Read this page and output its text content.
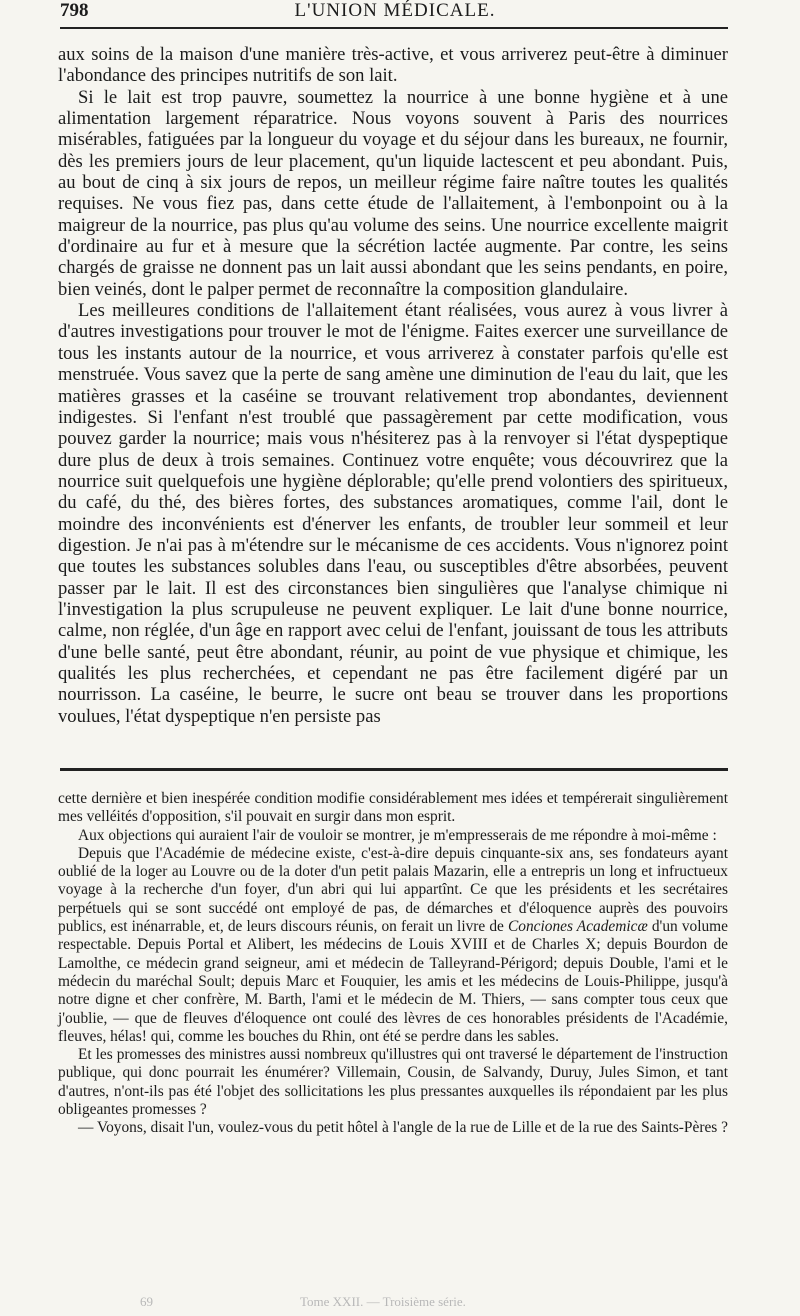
798	L'UNION MÉDICALE.

aux soins de la maison d'une manière très-active, et vous arriverez peut-être à diminuer l'abondance des principes nutritifs de son lait.

Si le lait est trop pauvre, soumettez la nourrice à une bonne hygiène et à une alimentation largement réparatrice. Nous voyons souvent à Paris des nourrices misérables, fatiguées par la longueur du voyage et du séjour dans les bureaux, ne fournir, dès les premiers jours de leur placement, qu'un liquide lactescent et peu abondant. Puis, au bout de cinq à six jours de repos, un meilleur régime faire naître toutes les qualités requises. Ne vous fiez pas, dans cette étude de l'allaitement, à l'embonpoint ou à la maigreur de la nourrice, pas plus qu'au volume des seins. Une nourrice excellente maigrit d'ordinaire au fur et à mesure que la sécrétion lactée augmente. Par contre, les seins chargés de graisse ne donnent pas un lait aussi abondant que les seins pendants, en poire, bien veinés, dont le palper permet de reconnaître la composition glandulaire.

Les meilleures conditions de l'allaitement étant réalisées, vous aurez à vous livrer à d'autres investigations pour trouver le mot de l'énigme. Faites exercer une surveillance de tous les instants autour de la nourrice, et vous arriverez à constater parfois qu'elle est menstruée. Vous savez que la perte de sang amène une diminution de l'eau du lait, que les matières grasses et la caséine se trouvant relativement trop abondantes, deviennent indigestes. Si l'enfant n'est troublé que passagèrement par cette modification, vous pouvez garder la nourrice; mais vous n'hésiterez pas à la renvoyer si l'état dyspeptique dure plus de deux à trois semaines. Continuez votre enquête; vous découvrirez que la nourrice suit quelquefois une hygiène déplorable; qu'elle prend volontiers des spiritueux, du café, du thé, des bières fortes, des substances aromatiques, comme l'ail, dont le moindre des inconvénients est d'énerver les enfants, de troubler leur sommeil et leur digestion. Je n'ai pas à m'étendre sur le mécanisme de ces accidents. Vous n'ignorez point que toutes les substances solubles dans l'eau, ou susceptibles d'être absorbées, peuvent passer par le lait. Il est des circonstances bien singulières que l'analyse chimique ni l'investigation la plus scrupuleuse ne peuvent expliquer. Le lait d'une bonne nourrice, calme, non réglée, d'un âge en rapport avec celui de l'enfant, jouissant de tous les attributs d'une belle santé, peut être abondant, réunir, au point de vue physique et chimique, les qualités les plus recherchées, et cependant ne pas être facilement digéré par un nourrisson. La caséine, le beurre, le sucre ont beau se trouver dans les proportions voulues, l'état dyspeptique n'en persiste pas

cette dernière et bien inespérée condition modifie considérablement mes idées et tempérerait singulièrement mes velléités d'opposition, s'il pouvait en surgir dans mon esprit.

Aux objections qui auraient l'air de vouloir se montrer, je m'empresserais de me répondre à moi-même :

Depuis que l'Académie de médecine existe, c'est-à-dire depuis cinquante-six ans, ses fondateurs ayant oublié de la loger au Louvre ou de la doter d'un petit palais Mazarin, elle a entrepris un long et infructueux voyage à la recherche d'un foyer, d'un abri qui lui appartînt. Ce que les présidents et les secrétaires perpétuels qui se sont succédé ont employé de pas, de démarches et d'éloquence auprès des pouvoirs publics, est inénarrable, et, de leurs discours réunis, on ferait un livre de Conciones Academicæ d'un volume respectable. Depuis Portal et Alibert, les médecins de Louis XVIII et de Charles X; depuis Bourdon de Lamolthe, ce médecin grand seigneur, ami et médecin de Talleyrand-Périgord; depuis Double, l'ami et le médecin du maréchal Soult; depuis Marc et Fouquier, les amis et les médecins de Louis-Philippe, jusqu'à notre digne et cher confrère, M. Barth, l'ami et le médecin de M. Thiers, — sans compter tous ceux que j'oublie, — que de fleuves d'éloquence ont coulé des lèvres de ces honorables présidents de l'Académie, fleuves, hélas! qui, comme les bouches du Rhin, ont été se perdre dans les sables.

Et les promesses des ministres aussi nombreux qu'illustres qui ont traversé le département de l'instruction publique, qui donc pourrait les énumérer? Villemain, Cousin, de Salvandy, Duruy, Jules Simon, et tant d'autres, n'ont-ils pas été l'objet des sollicitations les plus pressantes auxquelles ils répondaient par les plus obligeantes promesses ?

— Voyons, disait l'un, voulez-vous du petit hôtel à l'angle de la rue de Lille et de la rue des Saints-Pères ?

69	Tome XXII. — Troisième série.
